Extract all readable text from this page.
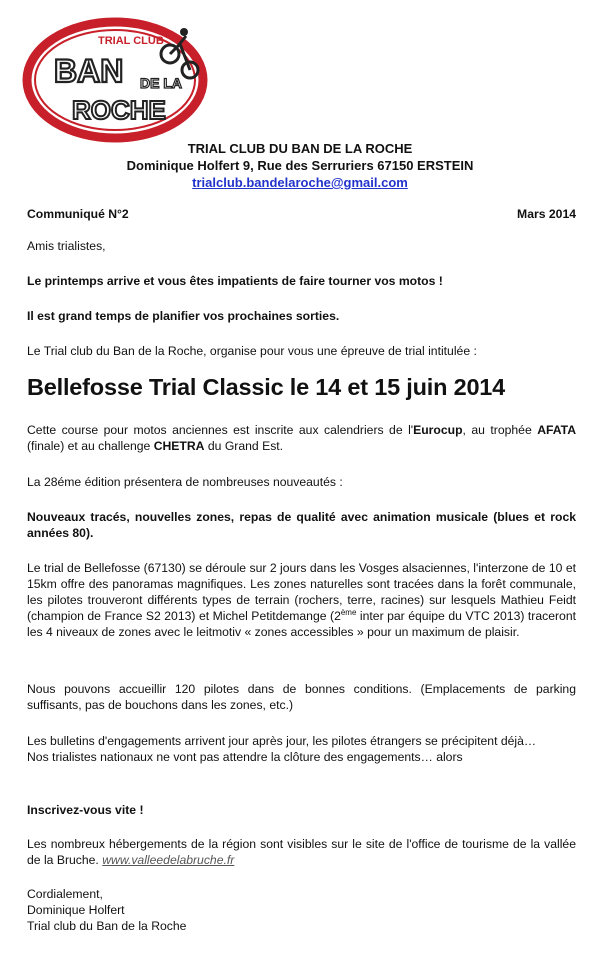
TRIAL CLUB
BAN DE LA
ROCHE
TRIAL CLUB DU BAN DE LA ROCHE
Dominique Holfert 9, Rue des Serruriers 67150 ERSTEIN
trialclub.bandelaroche@gmail.com
Communiqué N°2	Mars 2014
Amis trialistes,
Le printemps arrive et vous êtes impatients de faire tourner vos motos !
Il est grand temps de planifier vos prochaines sorties.
Le Trial club du Ban de la Roche, organise pour vous une épreuve de trial intitulée :
Bellefosse Trial Classic le 14 et 15 juin 2014
Cette course pour motos anciennes est inscrite aux calendriers de l'Eurocup, au trophée AFATA (finale) et au challenge CHETRA du Grand Est.
La 28éme édition présentera de nombreuses nouveautés :
Nouveaux tracés, nouvelles zones, repas de qualité avec animation musicale (blues et rock années 80).
Le trial de Bellefosse (67130) se déroule sur 2 jours dans les Vosges alsaciennes, l'interzone de 10 et 15km offre des panoramas magnifiques. Les zones naturelles sont tracées dans la forêt communale, les pilotes trouveront différents types de terrain (rochers, terre, racines) sur lesquels Mathieu Feidt (champion de France S2 2013) et Michel Petitdemange (2ème inter par équipe du VTC 2013) traceront les 4 niveaux de zones avec le leitmotiv « zones accessibles » pour un maximum de plaisir.
Nous pouvons accueillir 120 pilotes dans de bonnes conditions. (Emplacements de parking suffisants, pas de bouchons dans les zones, etc.)
Les bulletins d'engagements arrivent jour après jour, les pilotes étrangers se précipitent déjà…
Nos trialistes nationaux ne vont pas attendre la clôture des engagements… alors
Inscrivez-vous vite !
Les nombreux hébergements de la région sont visibles sur le site de l'office de tourisme de la vallée de la Bruche. www.valleedelabruche.fr
Cordialement,
Dominique Holfert
Trial club du Ban de la Roche
